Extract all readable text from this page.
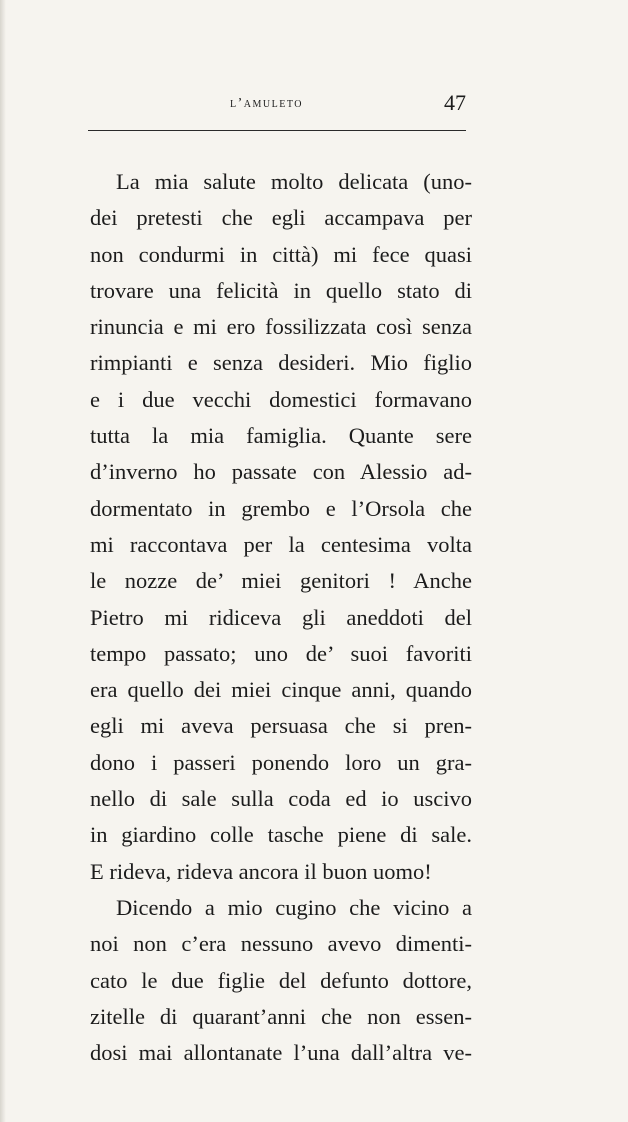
l’amuleto	47
La mia salute molto delicata (uno-
dei pretesti che egli accampava per
non condurmi in città) mi fece quasi
trovare una felicità in quello stato di
rinuncia e mi ero fossilizzata così senza
rimpianti e senza desideri. Mio figlio
e i due vecchi domestici formavano
tutta la mia famiglia. Quante sere
d’inverno ho passate con Alessio ad-
dormentato in grembo e l’Orsola che
mi raccontava per la centesima volta
le nozze de’ miei genitori ! Anche
Pietro mi ridiceva gli aneddoti del
tempo passato; uno de’ suoi favoriti
era quello dei miei cinque anni, quando
egli mi aveva persuasa che si pren-
dono i passeri ponendo loro un gra-
nello di sale sulla coda ed io uscivo
in giardino colle tasche piene di sale.
E rideva, rideva ancora il buon uomo!
Dicendo a mio cugino che vicino a
noi non c’era nessuno avevo dimenti-
cato le due figlie del defunto dottore,
zitelle di quarant’anni che non essen-
dosi mai allontanate l’una dall’altra ve-
